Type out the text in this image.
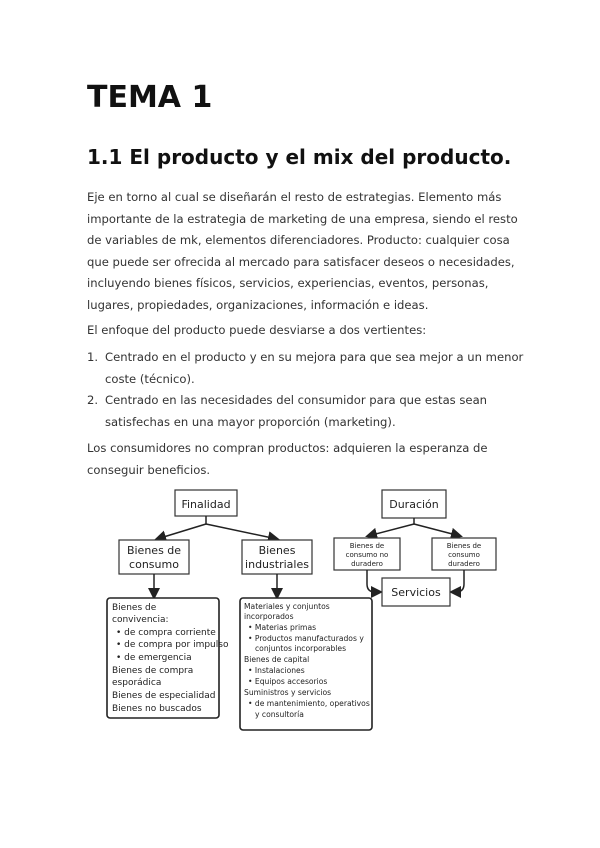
TEMA 1
1.1 El producto y el mix del producto.

Eje en torno al cual se diseñarán el resto de estrategias. Elemento más importante de la estrategia de marketing de una empresa, siendo el resto de variables de mk, elementos diferenciadores. Producto: cualquier cosa que puede ser ofrecida al mercado para satisfacer deseos o necesidades, incluyendo bienes físicos, servicios, experiencias, eventos, personas, lugares, propiedades, organizaciones, información e ideas.

El enfoque del producto puede desviarse a dos vertientes:

1. Centrado en el producto y en su mejora para que sea mejor a un menor coste (técnico).
2. Centrado en las necesidades del consumidor para que estas sean satisfechas en una mayor proporción (marketing).

Los consumidores no compran productos: adquieren la esperanza de conseguir beneficios.

Finalidad
Bienes de
consumo
Bienes
industriales
Bienes de
convivencia:
• de compra corriente
• de compra por impulso
• de emergencia
Bienes de compra
esporádica
Bienes de especialidad
Bienes no buscados
Materiales y conjuntos
incorporados
• Materias primas
• Productos manufacturados y
conjuntos incorporables
Bienes de capital
• Instalaciones
• Equipos accesorios
Suministros y servicios
• de mantenimiento, operativos
y consultoría
Duración
Bienes de
consumo no
duradero
Bienes de
consumo
duradero
Servicios
